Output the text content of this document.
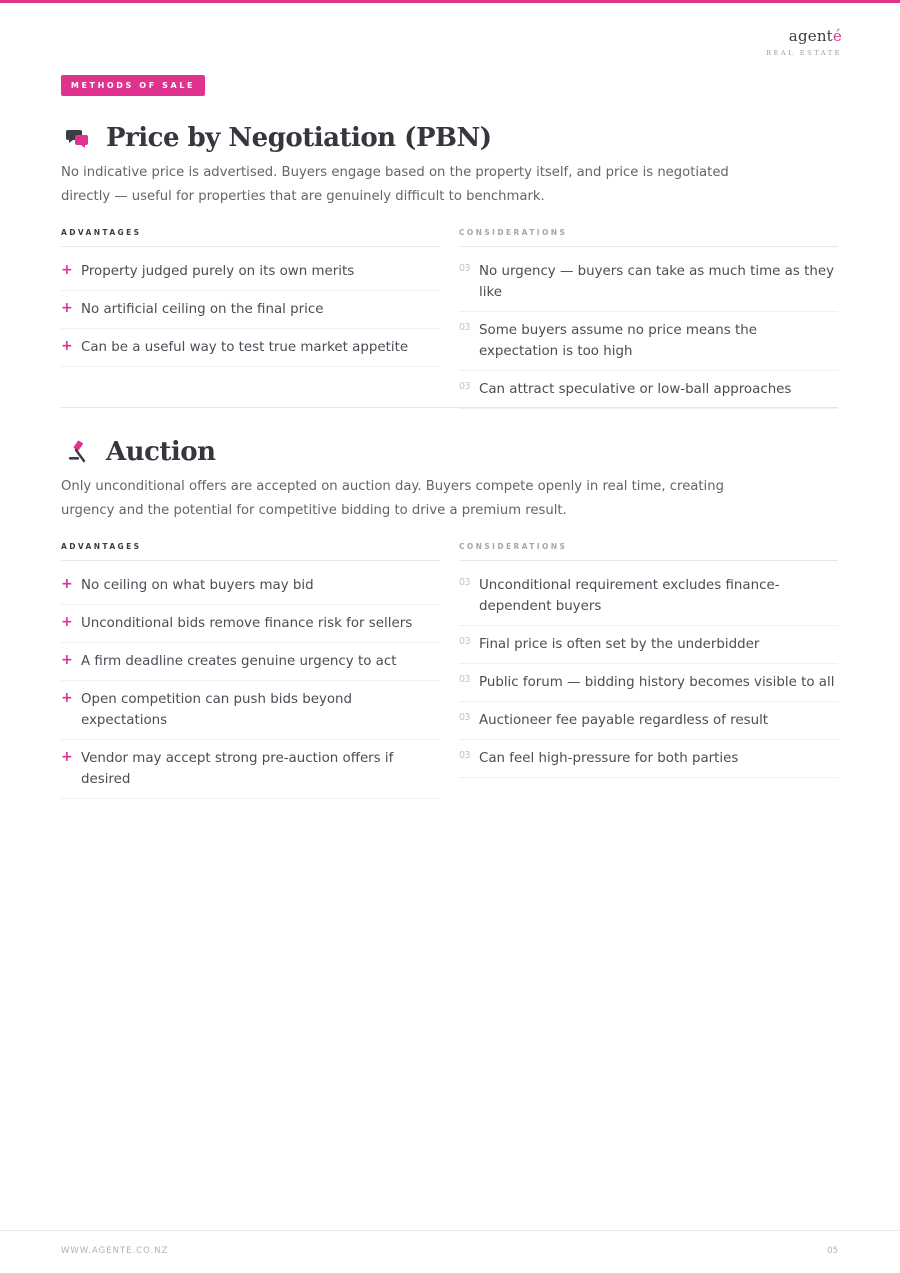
agenté
REAL ESTATE
METHODS OF SALE
Price by Negotiation (PBN)
No indicative price is advertised. Buyers engage based on the property itself, and price is negotiated directly — useful for properties that are genuinely difficult to benchmark.
ADVANTAGES
+ Property judged purely on its own merits
+ No artificial ceiling on the final price
+ Can be a useful way to test true market appetite
CONSIDERATIONS
03 No urgency — buyers can take as much time as they like
03 Some buyers assume no price means the expectation is too high
03 Can attract speculative or low-ball approaches
Auction
Only unconditional offers are accepted on auction day. Buyers compete openly in real time, creating urgency and the potential for competitive bidding to drive a premium result.
ADVANTAGES
+ No ceiling on what buyers may bid
+ Unconditional bids remove finance risk for sellers
+ A firm deadline creates genuine urgency to act
+ Open competition can push bids beyond expectations
+ Vendor may accept strong pre-auction offers if desired
CONSIDERATIONS
03 Unconditional requirement excludes finance-dependent buyers
03 Final price is often set by the underbidder
03 Public forum — bidding history becomes visible to all
03 Auctioneer fee payable regardless of result
03 Can feel high-pressure for both parties
WWW.AGENTE.CO.NZ	05
